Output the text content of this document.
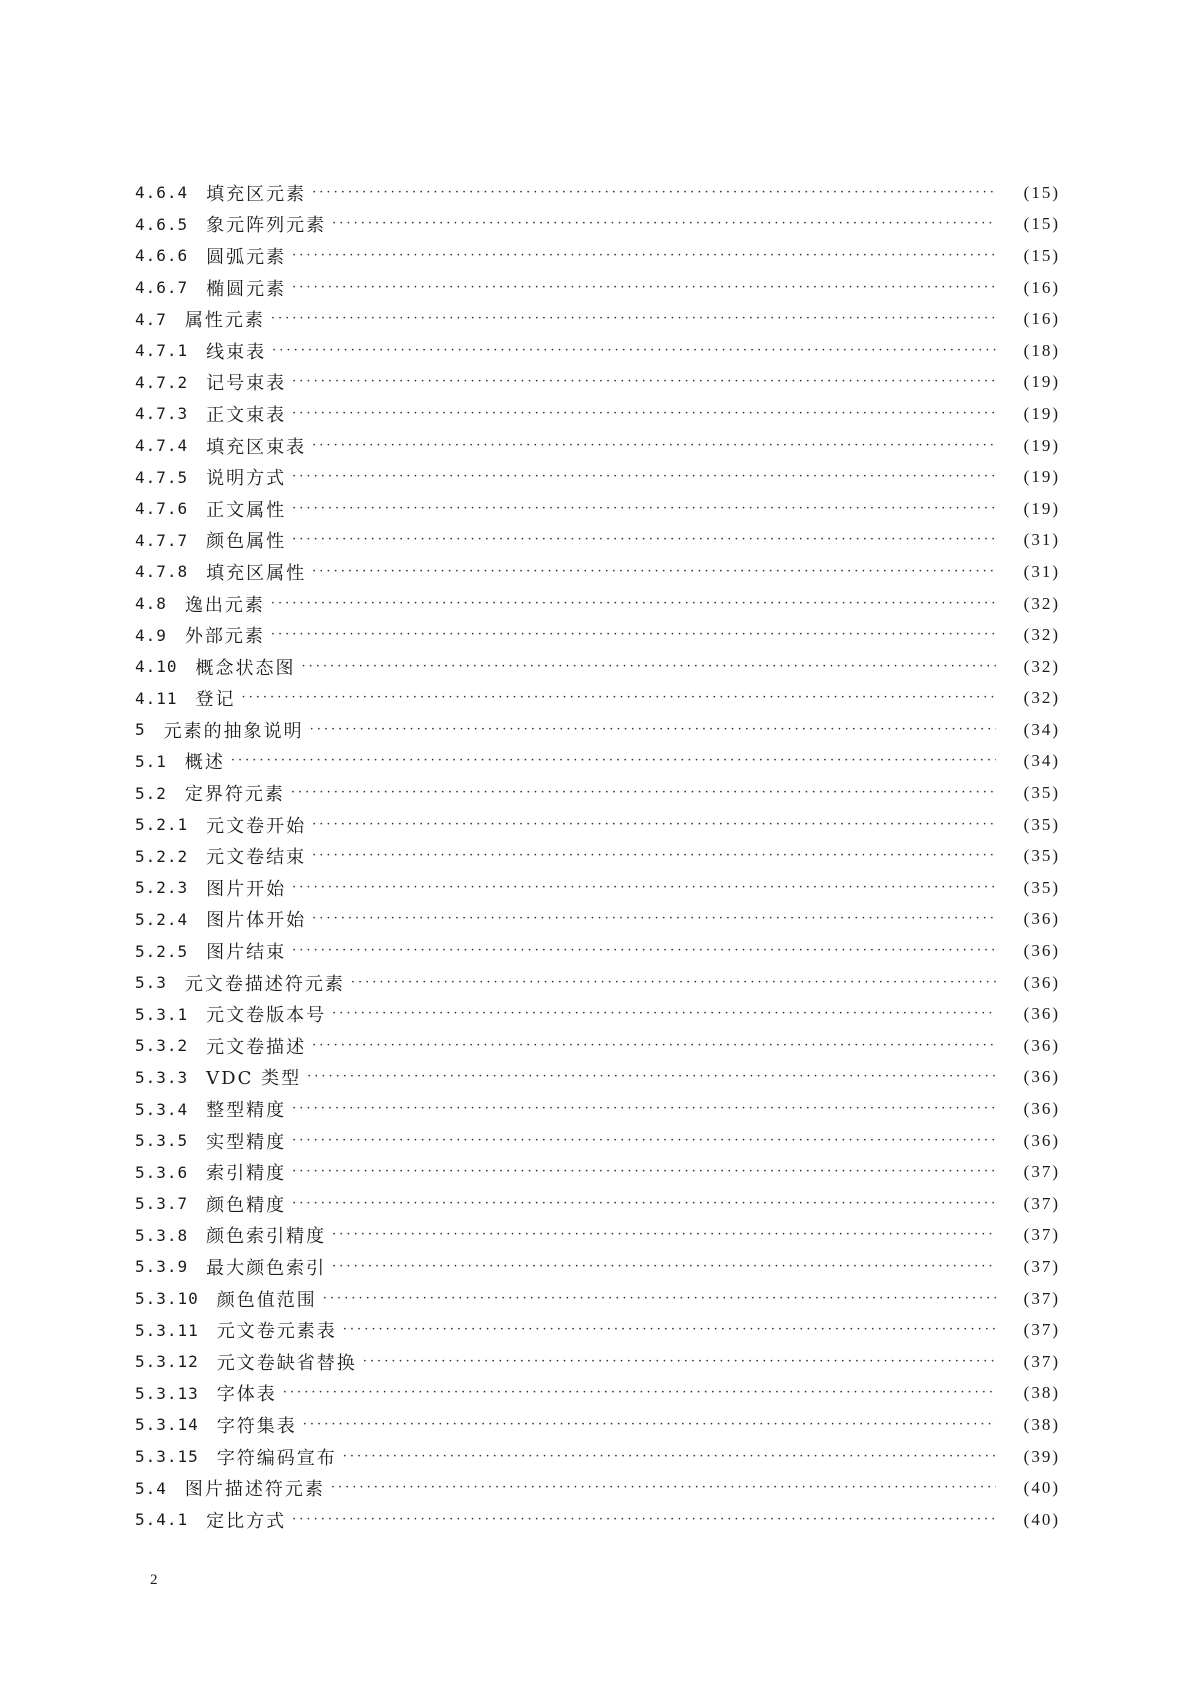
4.6.4 填充区元素 ·····	(15)
4.6.5 象元阵列元素 ·····	(15)
4.6.6 圆弧元素 ·····	(15)
4.6.7 椭圆元素 ·····	(16)
4.7 属性元素 ·····	(16)
4.7.1 线束表 ·····	(18)
4.7.2 记号束表 ·····	(19)
4.7.3 正文束表 ·····	(19)
4.7.4 填充区束表 ·····	(19)
4.7.5 说明方式 ·····	(19)
4.7.6 正文属性 ·····	(19)
4.7.7 颜色属性 ·····	(31)
4.7.8 填充区属性 ·····	(31)
4.8 逸出元素 ·····	(32)
4.9 外部元素 ·····	(32)
4.10 概念状态图 ·····	(32)
4.11 登记 ·····	(32)
5 元素的抽象说明 ·····	(34)
5.1 概述 ·····	(34)
5.2 定界符元素 ·····	(35)
5.2.1 元文卷开始 ·····	(35)
5.2.2 元文卷结束 ·····	(35)
5.2.3 图片开始 ·····	(35)
5.2.4 图片体开始 ·····	(36)
5.2.5 图片结束 ·····	(36)
5.3 元文卷描述符元素 ·····	(36)
5.3.1 元文卷版本号 ·····	(36)
5.3.2 元文卷描述 ·····	(36)
5.3.3 VDC 类型 ·····	(36)
5.3.4 整型精度 ·····	(36)
5.3.5 实型精度 ·····	(36)
5.3.6 索引精度 ·····	(37)
5.3.7 颜色精度 ·····	(37)
5.3.8 颜色索引精度 ·····	(37)
5.3.9 最大颜色索引 ·····	(37)
5.3.10 颜色值范围 ·····	(37)
5.3.11 元文卷元素表 ·····	(37)
5.3.12 元文卷缺省替换 ·····	(37)
5.3.13 字体表 ·····	(38)
5.3.14 字符集表 ·····	(38)
5.3.15 字符编码宣布 ·····	(39)
5.4 图片描述符元素 ·····	(40)
5.4.1 定比方式 ·····	(40)
2
